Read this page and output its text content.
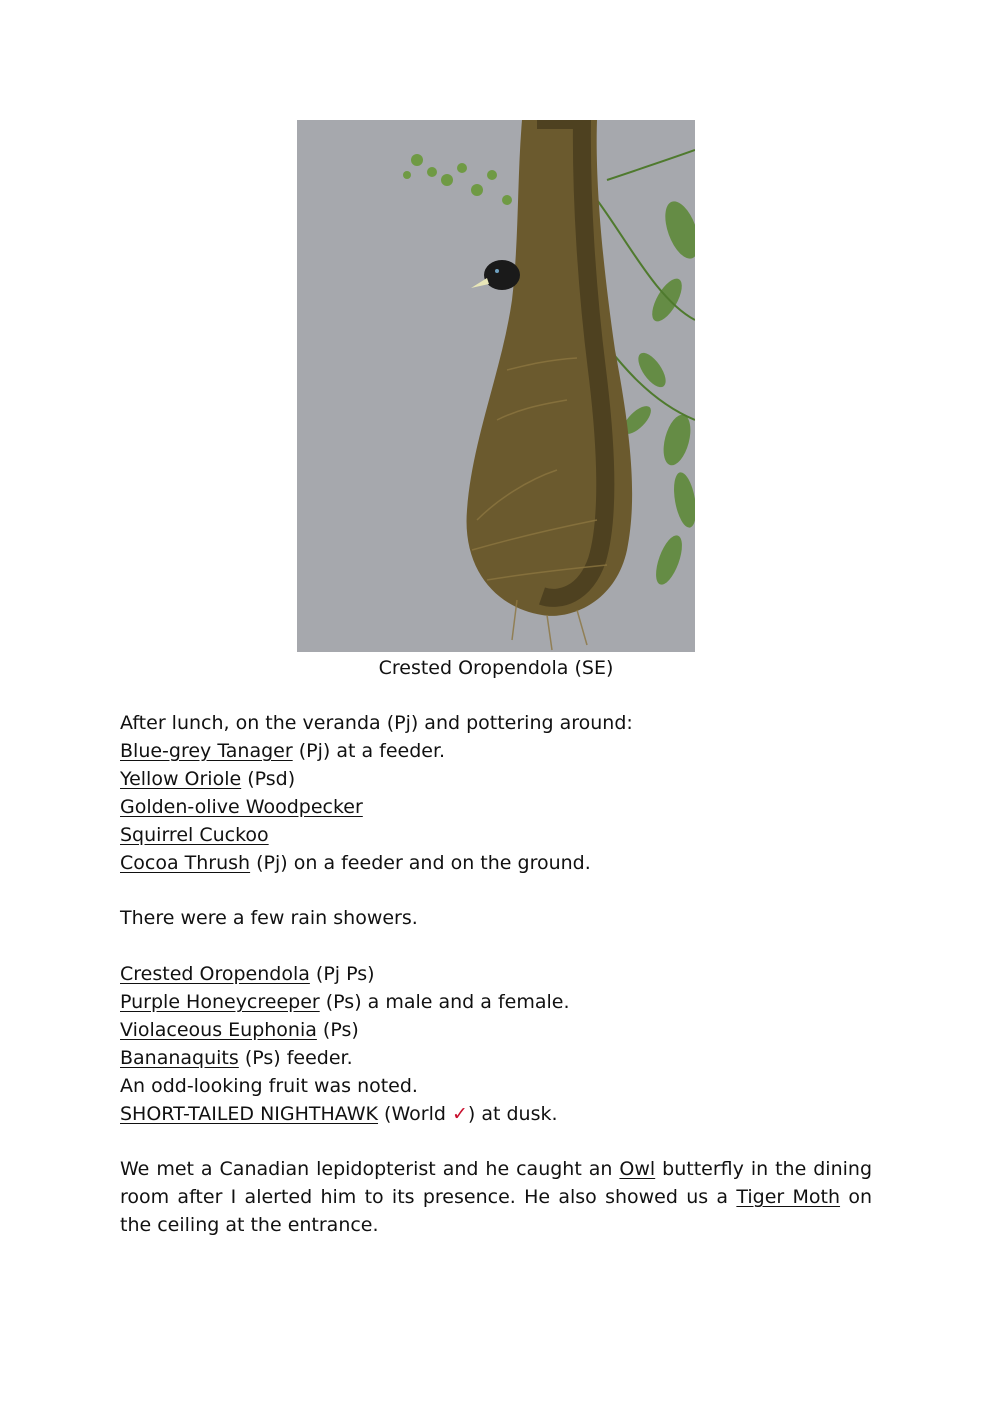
Crested Oropendola (SE)
After lunch, on the veranda (Pj) and pottering around:
Blue-grey Tanager (Pj) at a feeder.
Yellow Oriole (Psd)
Golden-olive Woodpecker
Squirrel Cuckoo
Cocoa Thrush (Pj) on a feeder and on the ground.
There were a few rain showers.
Crested Oropendola (Pj Ps)
Purple Honeycreeper (Ps) a male and a female.
Violaceous Euphonia (Ps)
Bananaquits (Ps) feeder.
An odd-looking fruit was noted.
SHORT-TAILED NIGHTHAWK (World ✓) at dusk.
We met a Canadian lepidopterist and he caught an Owl butterfly in the dining room after I alerted him to its presence. He also showed us a Tiger Moth on the ceiling at the entrance.
